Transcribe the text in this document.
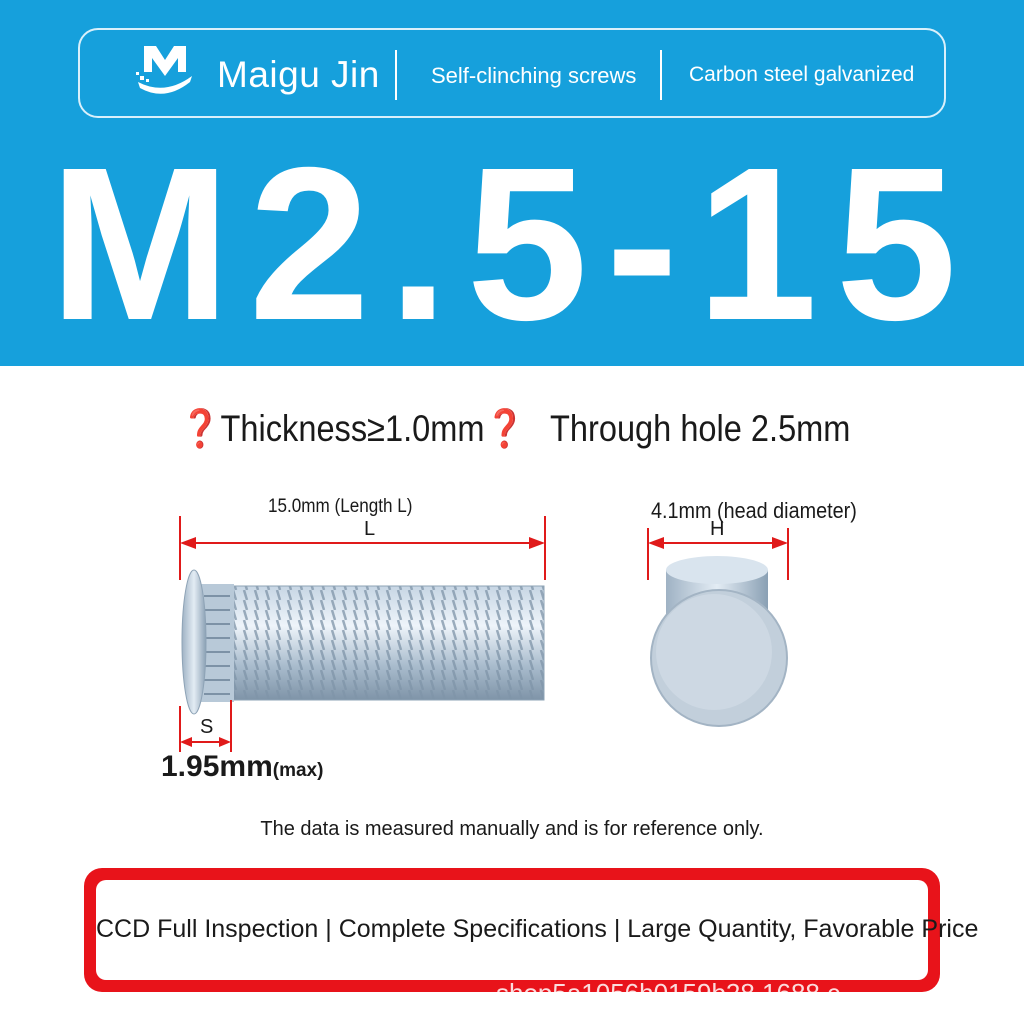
Maigu Jin Self-clinching screws	Carbon steel galvanized
M2.5-15
❓Thickness≥1.0mm❓ Through hole 2.5mm
15.0mm (Length L)
L
4.1mm (head diameter)
H
S
1.95mm(max)
The data is measured manually and is for reference only.
CCD Full Inspection | Complete Specifications | Large Quantity, Favorable Price
shop5a1056h0159b28.1688.c
